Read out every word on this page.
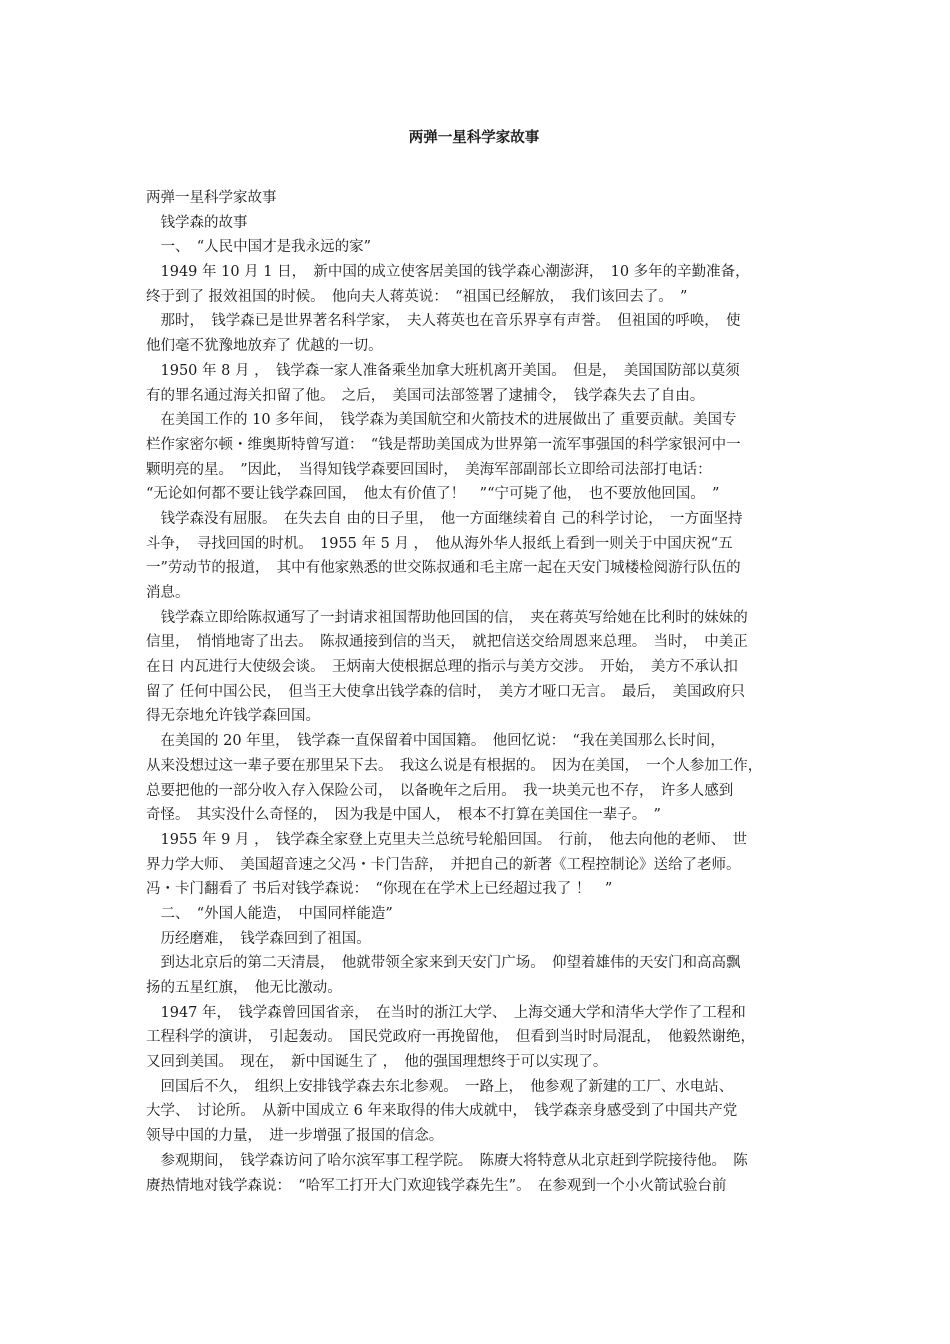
两弹一星科学家故事

两弹一星科学家故事

　钱学森的故事

　一、　“人民中国才是我永远的家”

　1949 年 10 月 1 日，　新中国的成立使客居美国的钱学森心潮澎湃，　10 多年的辛勤准备，

终于到了 报效祖国的时候。　他向夫人蒋英说：　“祖国已经解放，　我们该回去了。　”

　那时，　钱学森已是世界著名科学家，　夫人蒋英也在音乐界享有声誉。　但祖国的呼唤，　使

他们毫不犹豫地放弃了 优越的一切。

　1950 年 8 月 ，　钱学森一家人准备乘坐加拿大班机离开美国。　但是，　美国国防部以莫须

有的罪名通过海关扣留了他。　之后，　美国司法部签署了逮捕令，　钱学森失去了自由。

　在美国工作的 10 多年间，　钱学森为美国航空和火箭技术的进展做出了 重要贡献。美国专

栏作家密尔顿・维奥斯特曾写道：　“钱是帮助美国成为世界第一流军事强国的科学家银河中一

颗明亮的星。　”因此，　当得知钱学森要回国时，　美海军部副部长立即给司法部打电话：

“无论如何都不要让钱学森回国，　他太有价值了！　”“宁可毙了他，　也不要放他回国。　”

　钱学森没有屈服。　在失去自 由的日子里，　他一方面继续着自 己的科学讨论，　一方面坚持

斗争，　寻找回国的时机。　1955 年 5 月 ，　他从海外华人报纸上看到一则关于中国庆祝“五

一”劳动节的报道，　其中有他家熟悉的世交陈叔通和毛主席一起在天安门城楼检阅游行队伍的

消息。

　钱学森立即给陈叔通写了一封请求祖国帮助他回国的信，　夹在蒋英写给她在比利时的妹妹的

信里，　悄悄地寄了出去。　陈叔通接到信的当天，　就把信送交给周恩来总理。　当时，　中美正

在日 内瓦进行大使级会谈。　王炳南大使根据总理的指示与美方交涉。　开始，　美方不承认扣

留了 任何中国公民，　但当王大使拿出钱学森的信时，　美方才哑口无言。　最后，　美国政府只

得无奈地允许钱学森回国。

　在美国的 20 年里，　钱学森一直保留着中国国籍。　他回忆说：　“我在美国那么长时间，

从来没想过这一辈子要在那里呆下去。　我这么说是有根据的。　因为在美国，　一个人参加工作，

总要把他的一部分收入存入保险公司，　以备晚年之后用。　我一块美元也不存，　许多人感到

奇怪。　其实没什么奇怪的，　因为我是中国人，　根本不打算在美国住一辈子。　”

　1955 年 9 月 ，　钱学森全家登上克里夫兰总统号轮船回国。　行前，　他去向他的老师、　世

界力学大师、　美国超音速之父冯・卡门告辞，　并把自己的新著《工程控制论》送给了老师。

冯・卡门翻看了 书后对钱学森说：　“你现在在学术上已经超过我了 ！　”

　二、　“外国人能造，　中国同样能造”

　历经磨难，　钱学森回到了祖国。

　到达北京后的第二天清晨，　他就带领全家来到天安门广场。　仰望着雄伟的天安门和高高飘

扬的五星红旗，　他无比激动。

　1947 年，　钱学森曾回国省亲，　在当时的浙江大学、　上海交通大学和清华大学作了工程和

工程科学的演讲，　引起轰动。　国民党政府一再挽留他，　但看到当时时局混乱，　他毅然谢绝，

又回到美国。　现在，　新中国诞生了 ，　他的强国理想终于可以实现了。

　回国后不久，　组织上安排钱学森去东北参观。　一路上，　他参观了新建的工厂、水电站、

大学、　讨论所。　从新中国成立 6 年来取得的伟大成就中，　钱学森亲身感受到了中国共产党

领导中国的力量，　进一步增强了报国的信念。

　参观期间，　钱学森访问了哈尔滨军事工程学院。　陈赓大将特意从北京赶到学院接待他。　陈

赓热情地对钱学森说：　“哈军工打开大门欢迎钱学森先生”。　在参观到一个小火箭试验台前
